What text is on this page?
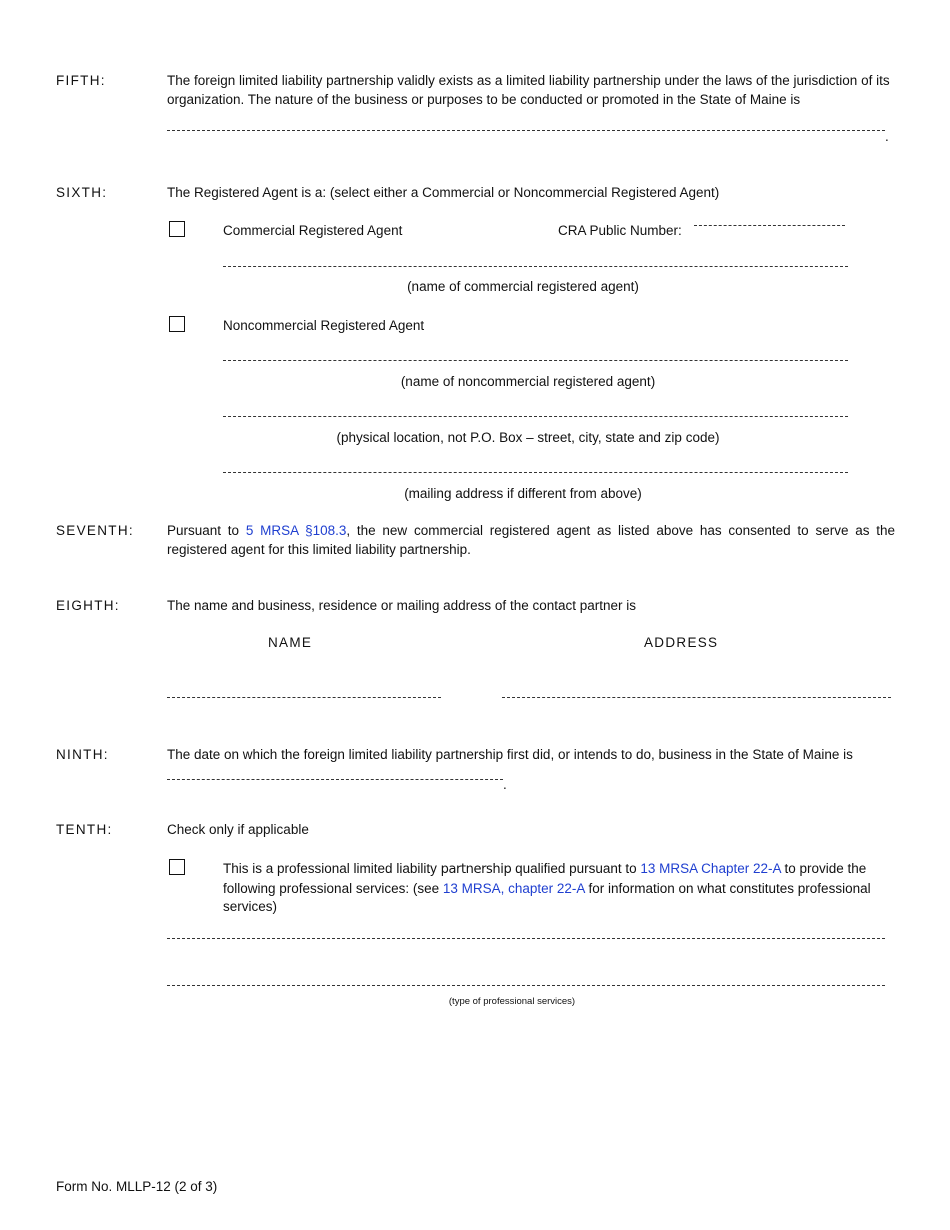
FIFTH:	The foreign limited liability partnership validly exists as a limited liability partnership under the laws of the jurisdiction of its organization. The nature of the business or purposes to be conducted or promoted in the State of Maine is
.
SIXTH:	The Registered Agent is a: (select either a Commercial or Noncommercial Registered Agent)
Commercial Registered Agent	CRA Public Number:
(name of commercial registered agent)
Noncommercial Registered Agent
(name of noncommercial registered agent)
(physical location, not P.O. Box – street, city, state and zip code)
(mailing address if different from above)
SEVENTH: Pursuant to 5 MRSA §108.3, the new commercial registered agent as listed above has consented to serve as the registered agent for this limited liability partnership.
EIGHTH:	The name and business, residence or mailing address of the contact partner is
NAME	ADDRESS
NINTH:	The date on which the foreign limited liability partnership first did, or intends to do, business in the State of Maine is
.
TENTH:	Check only if applicable
This is a professional limited liability partnership qualified pursuant to 13 MRSA Chapter 22-A to provide the following professional services: (see 13 MRSA, chapter 22-A for information on what constitutes professional services)
(type of professional services)
Form No. MLLP-12 (2 of 3)
